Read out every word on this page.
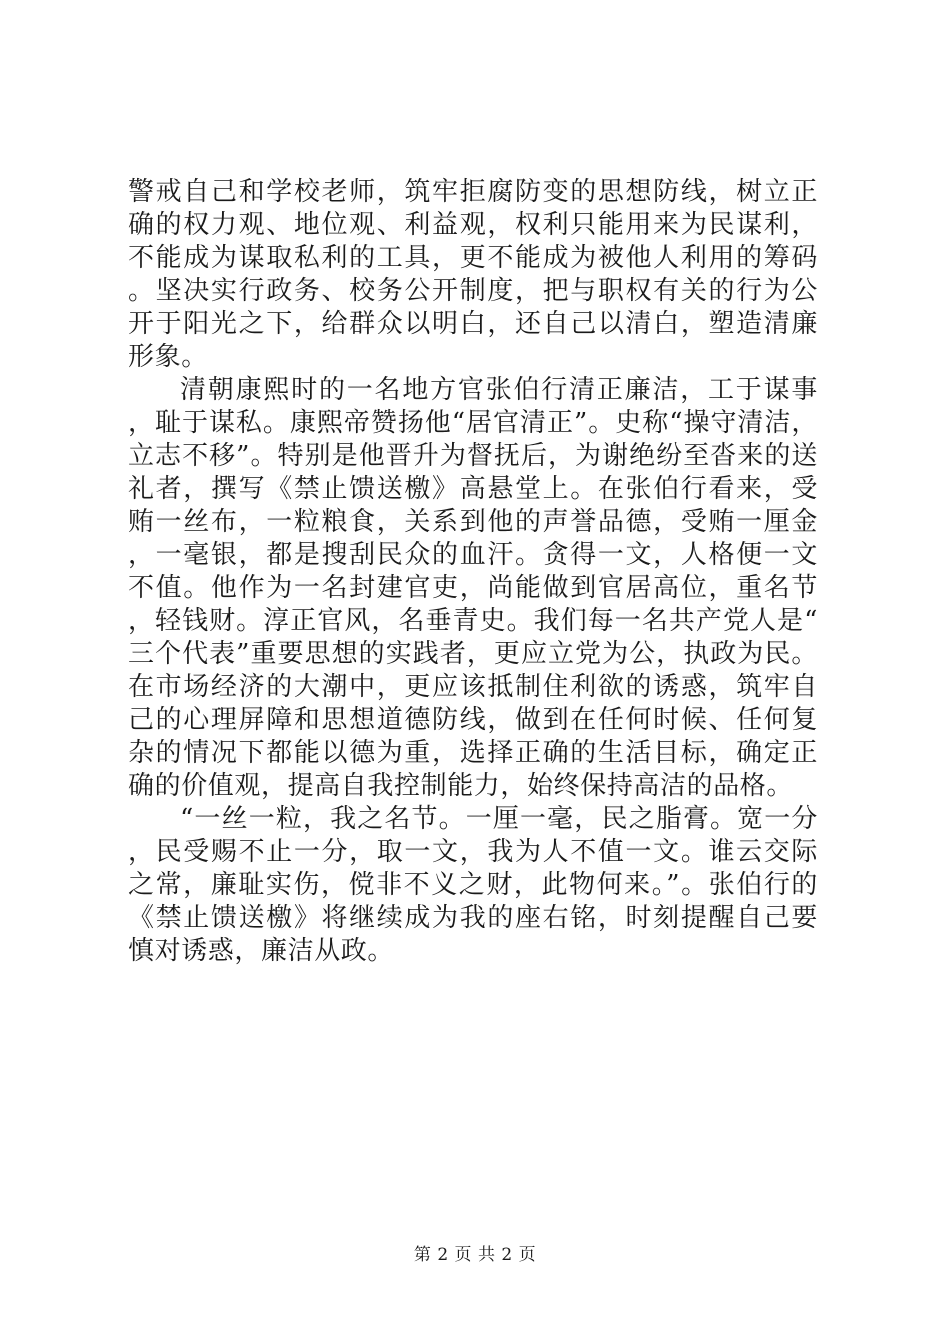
警戒自己和学校老师，筑牢拒腐防变的思想防线，树立正确的权力观、地位观、利益观，权利只能用来为民谋利，不能成为谋取私利的工具，更不能成为被他人利用的筹码。坚决实行政务、校务公开制度，把与职权有关的行为公开于阳光之下，给群众以明白，还自己以清白，塑造清廉形象。

清朝康熙时的一名地方官张伯行清正廉洁，工于谋事，耻于谋私。康熙帝赞扬他“居官清正”。史称“操守清洁，立志不移”。特别是他晋升为督抚后，为谢绝纷至沓来的送礼者，撰写《禁止馈送檄》高悬堂上。在张伯行看来，受贿一丝布，一粒粮食，关系到他的声誉品德，受贿一厘金，一毫银，都是搜刮民众的血汗。贪得一文，人格便一文不值。他作为一名封建官吏，尚能做到官居高位，重名节，轻钱财。淳正官风，名垂青史。我们每一名共产党人是“三个代表”重要思想的实践者，更应立党为公，执政为民。在市场经济的大潮中，更应该抵制住利欲的诱惑，筑牢自己的心理屏障和思想道德防线，做到在任何时候、任何复杂的情况下都能以德为重，选择正确的生活目标，确定正确的价值观，提高自我控制能力，始终保持高洁的品格。

“一丝一粒，我之名节。一厘一毫，民之脂膏。宽一分，民受赐不止一分，取一文，我为人不值一文。谁云交际之常，廉耻实伤，傥非不义之财，此物何来。”。张伯行的《禁止馈送檄》将继续成为我的座右铭，时刻提醒自己要慎对诱惑，廉洁从政。

第 2 页 共 2 页
